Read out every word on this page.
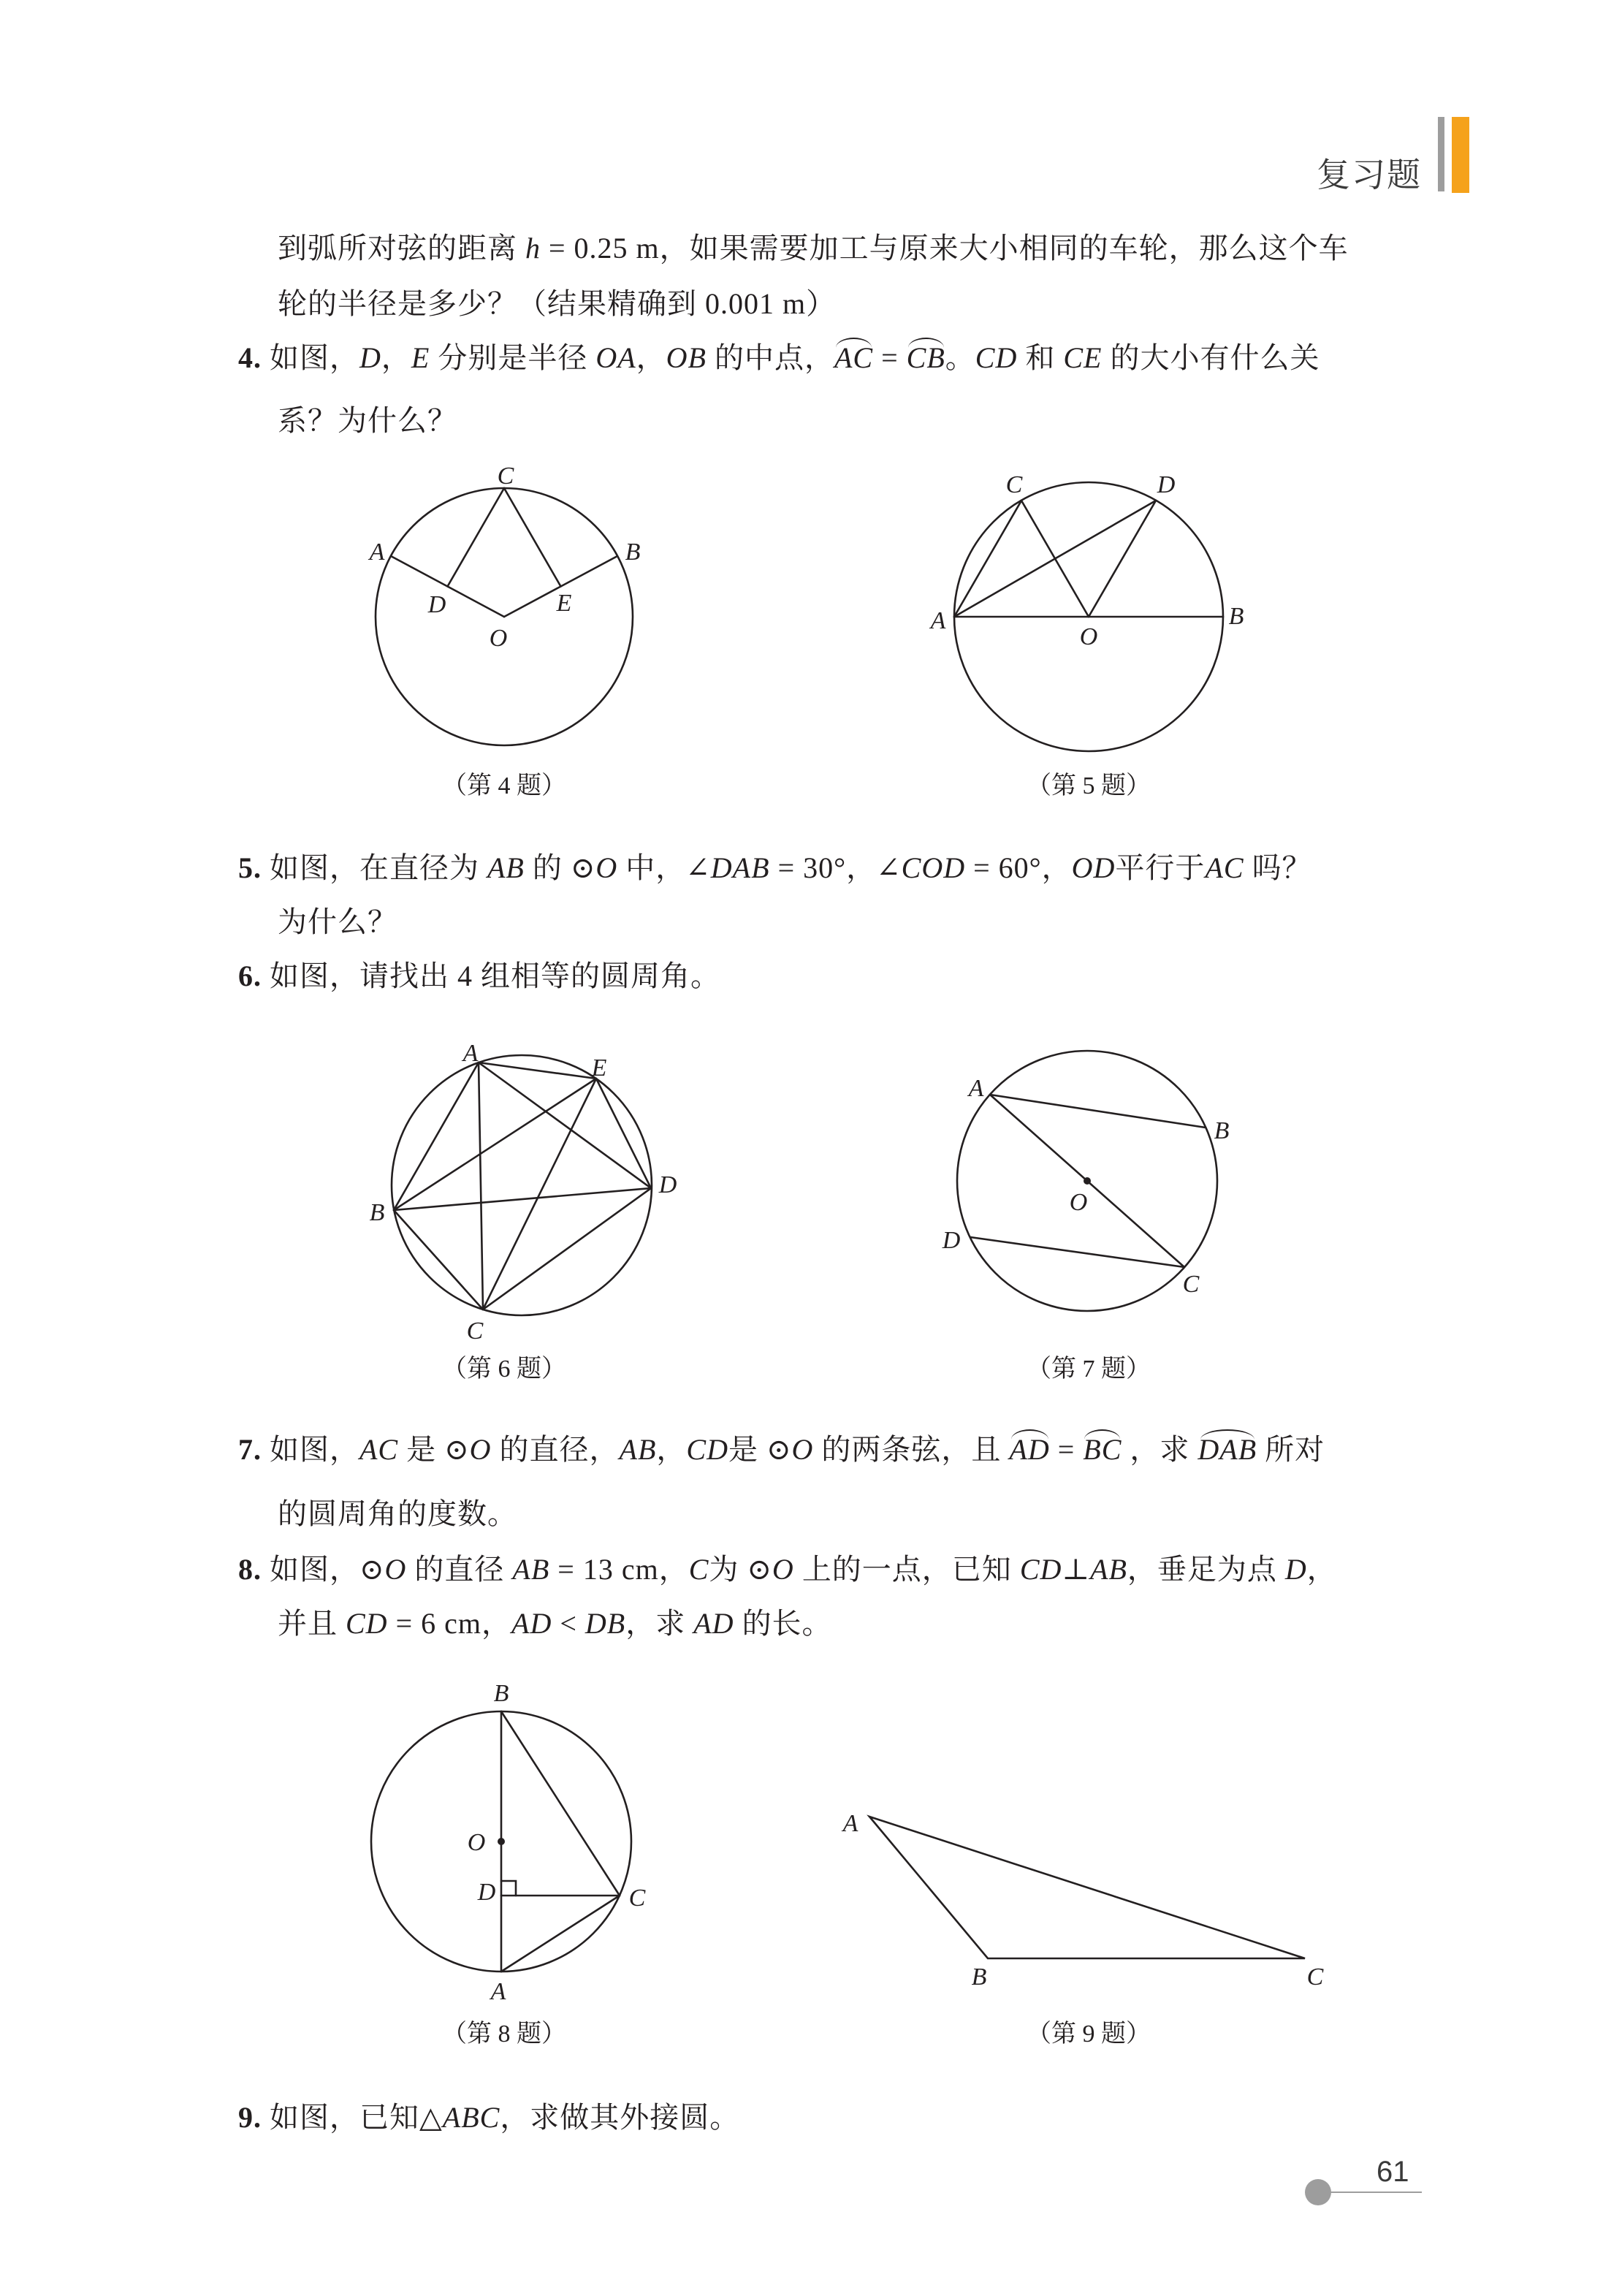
复习题
到弧所对弦的距离 h = 0.25 m，如果需要加工与原来大小相同的车轮，那么这个车
轮的半径是多少？（结果精确到 0.001 m）
4. 如图，D，E 分别是半径 OA，OB 的中点，AC = CB。CD 和 CE 的大小有什么关
系？为什么？
5. 如图，在直径为 AB 的 ⊙O 中，∠DAB = 30°，∠COD = 60°，OD平行于AC 吗？
为什么？
6. 如图，请找出 4 组相等的圆周角。
7. 如图，AC 是 ⊙O 的直径，AB，CD是 ⊙O 的两条弦，且 AD = BC ，求 DAB 所对
的圆周角的度数。
8. 如图，⊙O 的直径 AB = 13 cm，C为 ⊙O 上的一点，已知 CD⊥AB，垂足为点 D，
并且 CD = 6 cm，AD < DB，求 AD 的长。
9. 如图，已知△ABC，求做其外接圆。
（第 4 题）	（第 5 题）
（第 6 题）	（第 7 题）
（第 8 题）	（第 9 题）
C
A	B
D	E
O
C	D
A	B
O
A
E
D
B
C
A
B
O
D
C
B
O
D	C
A
A
B	C
61
